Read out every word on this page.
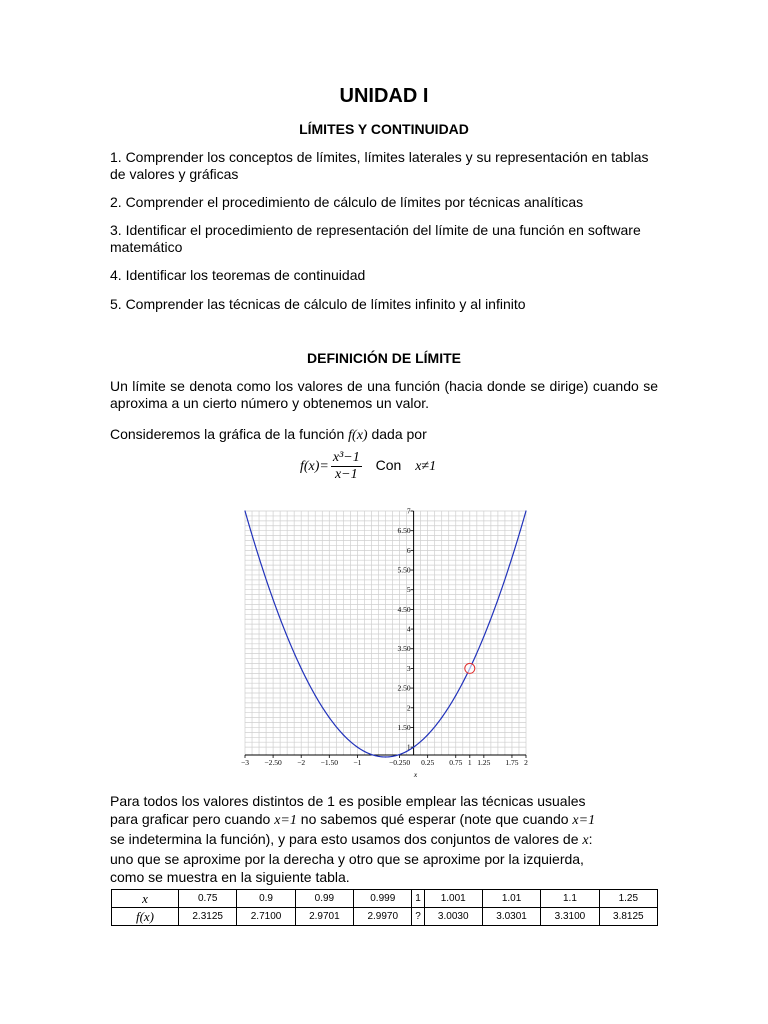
UNIDAD I
LÍMITES Y CONTINUIDAD
1. Comprender los conceptos de límites, límites laterales y su representación en tablas de valores y gráficas
2. Comprender el procedimiento de cálculo de límites por técnicas analíticas
3. Identificar el procedimiento de representación del límite de una función en software matemático
4. Identificar los teoremas de continuidad
5. Comprender las técnicas de cálculo de límites infinito y al infinito
DEFINICIÓN DE LÍMITE
Un límite se denota como los valores de una función (hacia donde se dirige) cuando se aproxima a un cierto número y obtenemos un valor.
Consideremos la gráfica de la función f(x) dada por
$f(x)= \frac{\text{x³−1}}{x-1}$ Con x≠1
−3 −2.50 −2 −1.50 −1	−0.250 0.25 0.75 1 1.25 1.75 2
1
1.50
2
2.50
3
3.50
4
4.50
5
5.50
6
6.50
7
x
Para todos los valores distintos de 1 es posible emplear las técnicas usuales
para graficar pero cuando x=1 no sabemos qué esperar (note que cuando x=1
se indetermina la función), y para esto usamos dos conjuntos de valores de x:
uno que se aproxime por la derecha y otro que se aproxime por la izquierda,
como se muestra en la siguiente tabla.
x	0.75	0.9	0.99	0.999	1	1.001	1.01	1.1	1.25
f(x)	2.3125	2.7100	2.9701	2.9970	?	3.0030	3.0301	3.3100	3.8125
